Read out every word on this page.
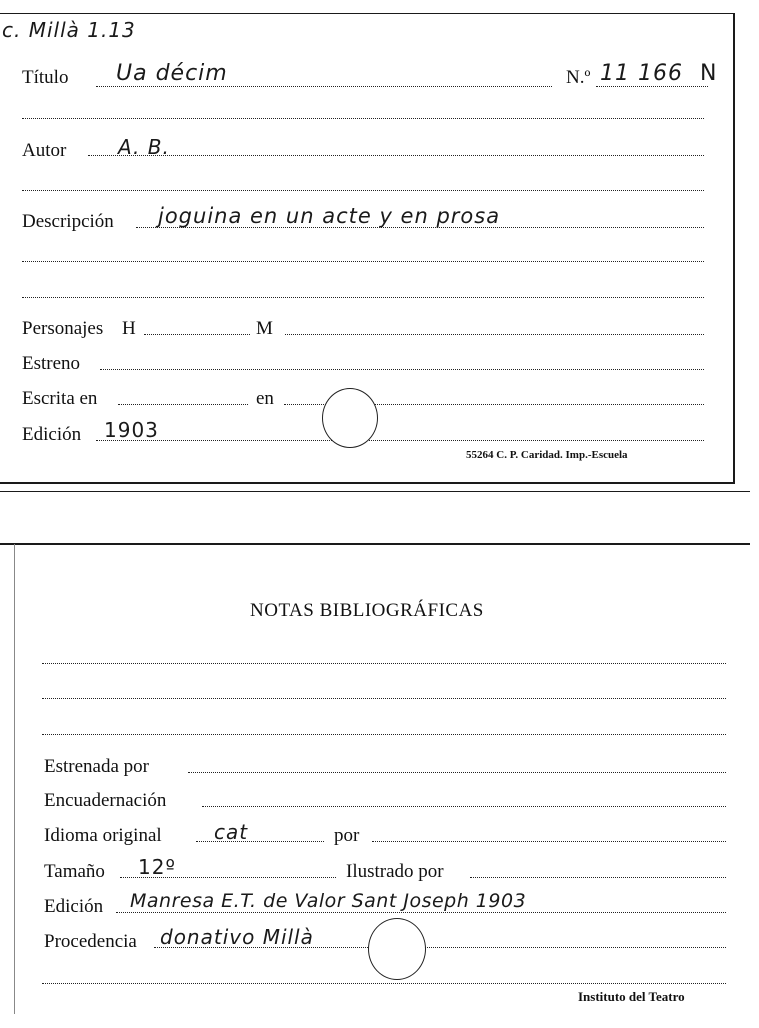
c. Millà 1.13
Título Ua décim	N.º 11 166 N
Autor	A. B.
Descripción joguina en un acte y en prosa
Personajes H	M
Estreno
Escrita en	en
Edición 1903
55264 C. P. Caridad. Imp.-Escuela
NOTAS BIBLIOGRÁFICAS
Estrenada por
Encuadernación
Idioma original	cat	por
Tamaño 12º	Ilustrado por
Edición Manresa E.T. de Valor Sant Joseph 1903
Procedencia donativo Millà
Instituto del Teatro
